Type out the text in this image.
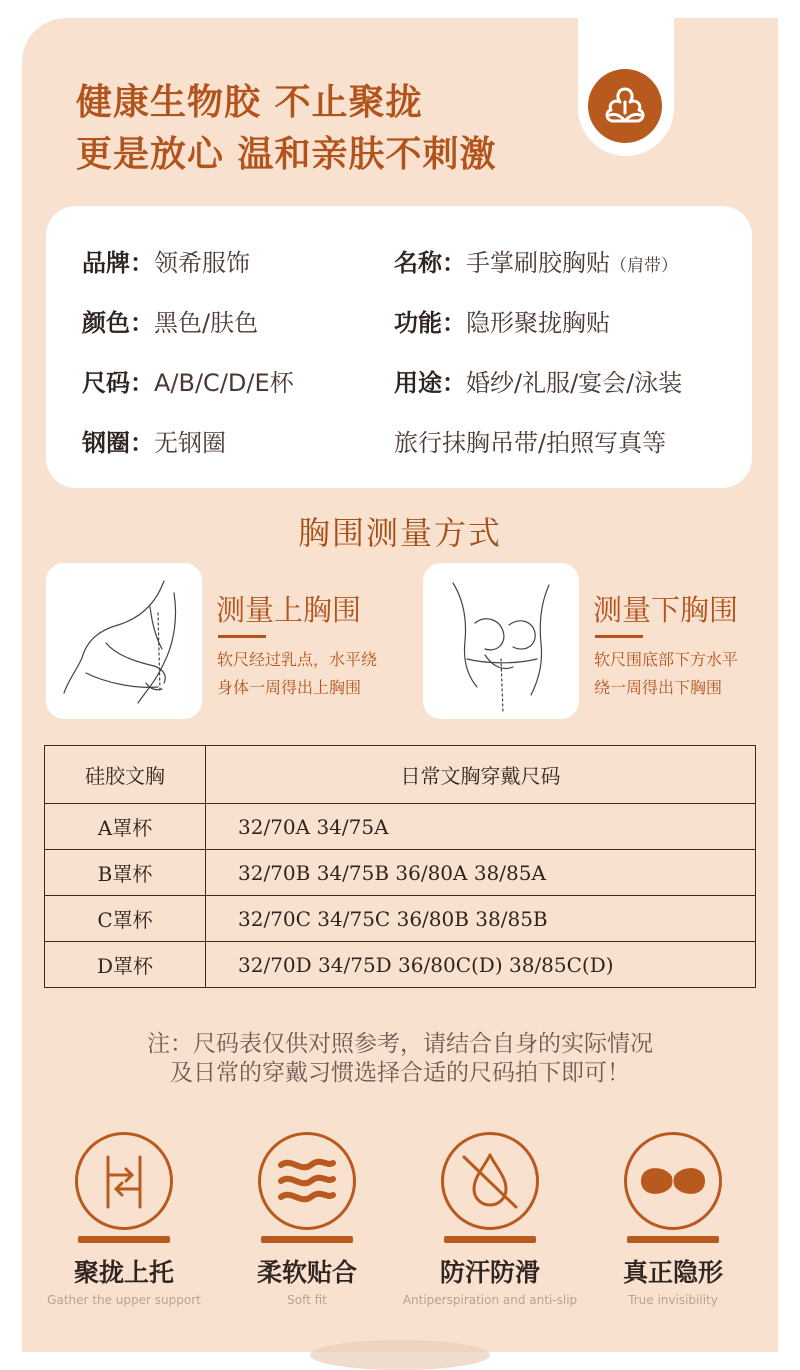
健康生物胶 不止聚拢
更是放心 温和亲肤不刺激
品牌：领希服饰	名称：手掌刷胶胸贴（肩带）
颜色：黑色/肤色	功能：隐形聚拢胸贴
尺码：A/B/C/D/E杯	用途：婚纱/礼服/宴会/泳装
钢圈：无钢圈	旅行抹胸吊带/拍照写真等
胸围测量方式
测量上胸围
软尺经过乳点，水平绕
身体一周得出上胸围
测量下胸围
软尺围底部下方水平
绕一周得出下胸围
硅胶文胸	日常文胸穿戴尺码
A罩杯	32/70A 34/75A
B罩杯	32/70B 34/75B 36/80A 38/85A
C罩杯	32/70C 34/75C 36/80B 38/85B
D罩杯	32/70D 34/75D 36/80C(D) 38/85C(D)
注：尺码表仅供对照参考，请结合自身的实际情况
及日常的穿戴习惯选择合适的尺码拍下即可！
聚拢上托
Gather the upper support
柔软贴合
Soft fit
防汗防滑
Antiperspiration and anti-slip
真正隐形
True invisibility
